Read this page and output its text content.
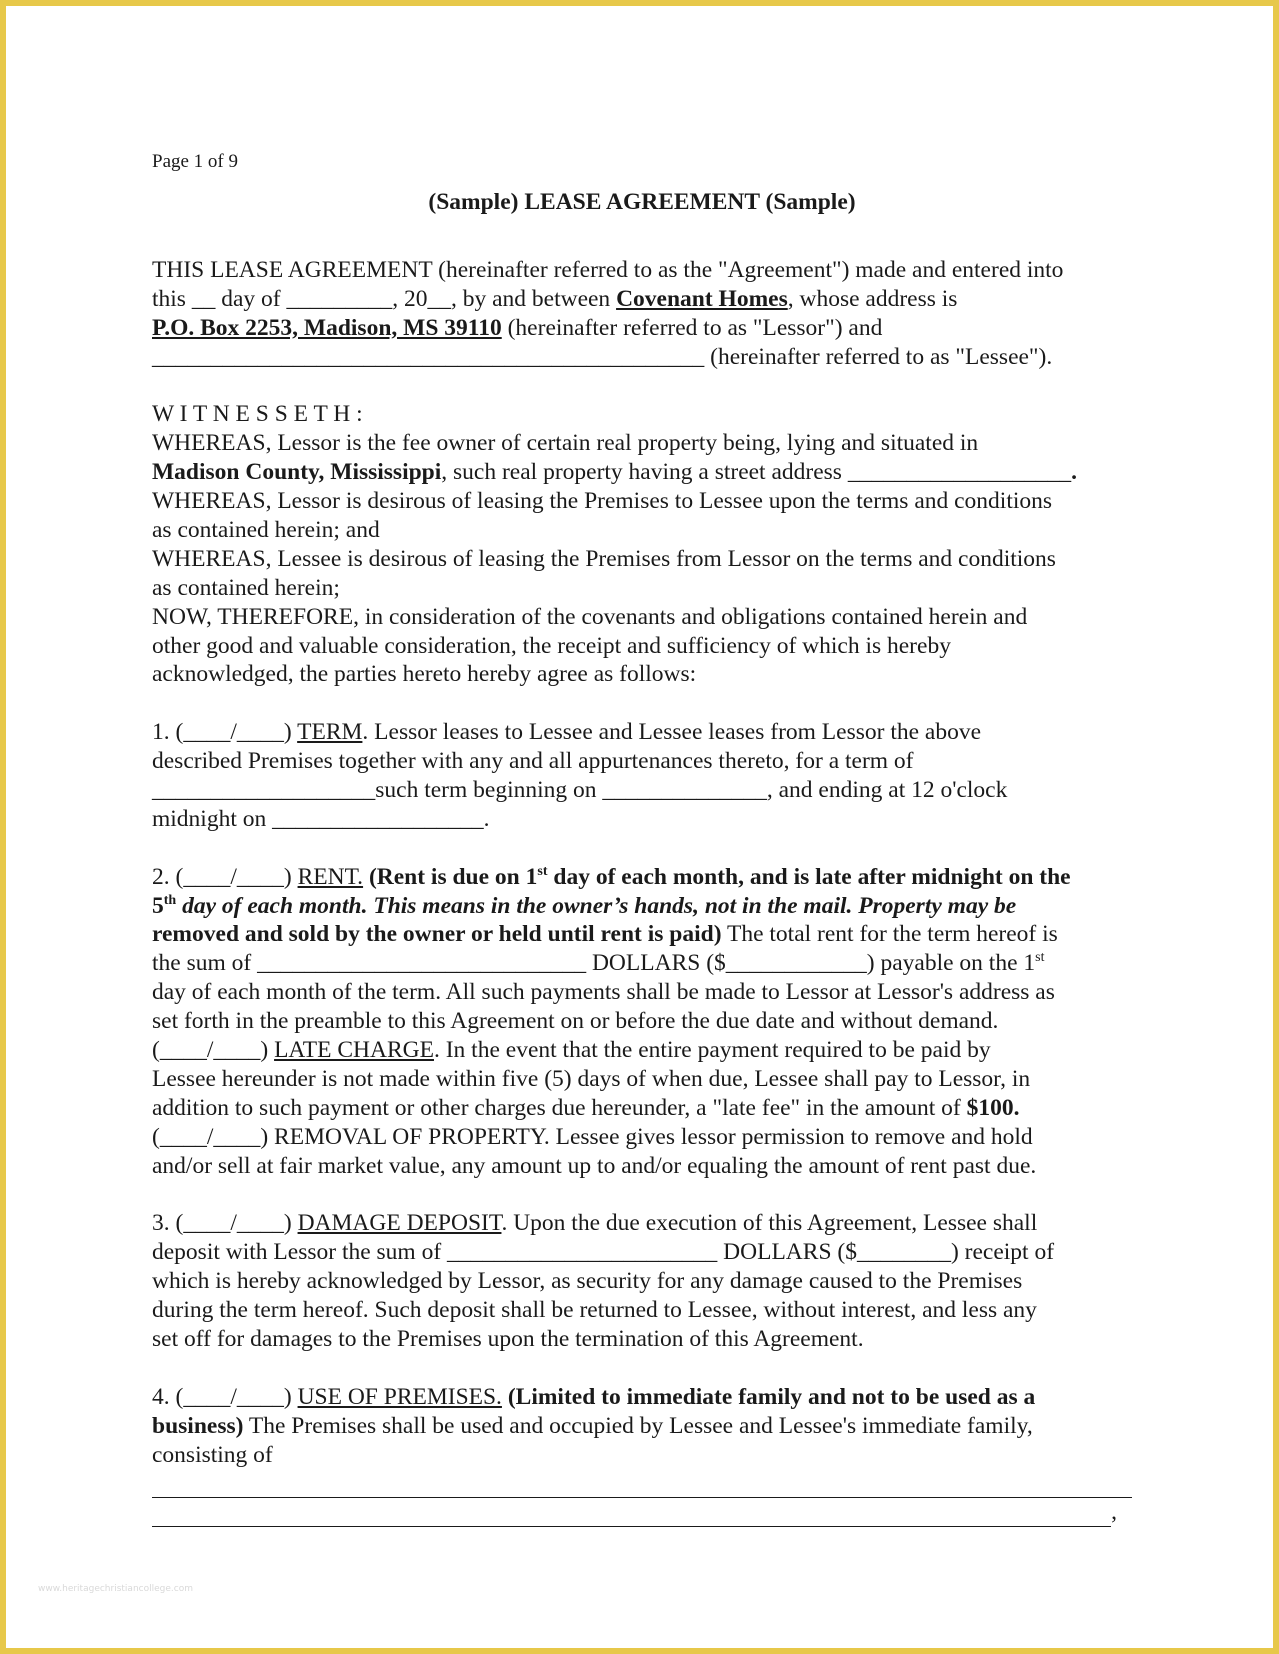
Page 1 of 9
(Sample) LEASE AGREEMENT (Sample)
THIS LEASE AGREEMENT (hereinafter referred to as the "Agreement") made and entered into
this __ day of _________, 20__, by and between Covenant Homes, whose address is
P.O. Box 2253, Madison, MS 39110 (hereinafter referred to as "Lessor") and
_______________________________________________ (hereinafter referred to as "Lessee").
W I T N E S S E T H :
WHEREAS, Lessor is the fee owner of certain real property being, lying and situated in
Madison County, Mississippi, such real property having a street address ___________________.
WHEREAS, Lessor is desirous of leasing the Premises to Lessee upon the terms and conditions
as contained herein; and
WHEREAS, Lessee is desirous of leasing the Premises from Lessor on the terms and conditions
as contained herein;
NOW, THEREFORE, in consideration of the covenants and obligations contained herein and
other good and valuable consideration, the receipt and sufficiency of which is hereby
acknowledged, the parties hereto hereby agree as follows:
1. (____/____) TERM. Lessor leases to Lessee and Lessee leases from Lessor the above
described Premises together with any and all appurtenances thereto, for a term of
___________________such term beginning on ______________, and ending at 12 o'clock
midnight on __________________.
2. (____/____) RENT. (Rent is due on 1st day of each month, and is late after midnight on the
5th day of each month. This means in the owner’s hands, not in the mail. Property may be
removed and sold by the owner or held until rent is paid) The total rent for the term hereof is
the sum of ____________________________ DOLLARS ($____________) payable on the 1st
day of each month of the term. All such payments shall be made to Lessor at Lessor's address as
set forth in the preamble to this Agreement on or before the due date and without demand.
(____/____) LATE CHARGE. In the event that the entire payment required to be paid by
Lessee hereunder is not made within five (5) days of when due, Lessee shall pay to Lessor, in
addition to such payment or other charges due hereunder, a "late fee" in the amount of $100.
(____/____) REMOVAL OF PROPERTY. Lessee gives lessor permission to remove and hold
and/or sell at fair market value, any amount up to and/or equaling the amount of rent past due.
3. (____/____) DAMAGE DEPOSIT. Upon the due execution of this Agreement, Lessee shall
deposit with Lessor the sum of _______________________ DOLLARS ($________) receipt of
which is hereby acknowledged by Lessor, as security for any damage caused to the Premises
during the term hereof. Such deposit shall be returned to Lessee, without interest, and less any
set off for damages to the Premises upon the termination of this Agreement.
4. (____/____) USE OF PREMISES. (Limited to immediate family and not to be used as a
business) The Premises shall be used and occupied by Lessee and Lessee's immediate family,
consisting of
,
www.heritagechristiancollege.com
